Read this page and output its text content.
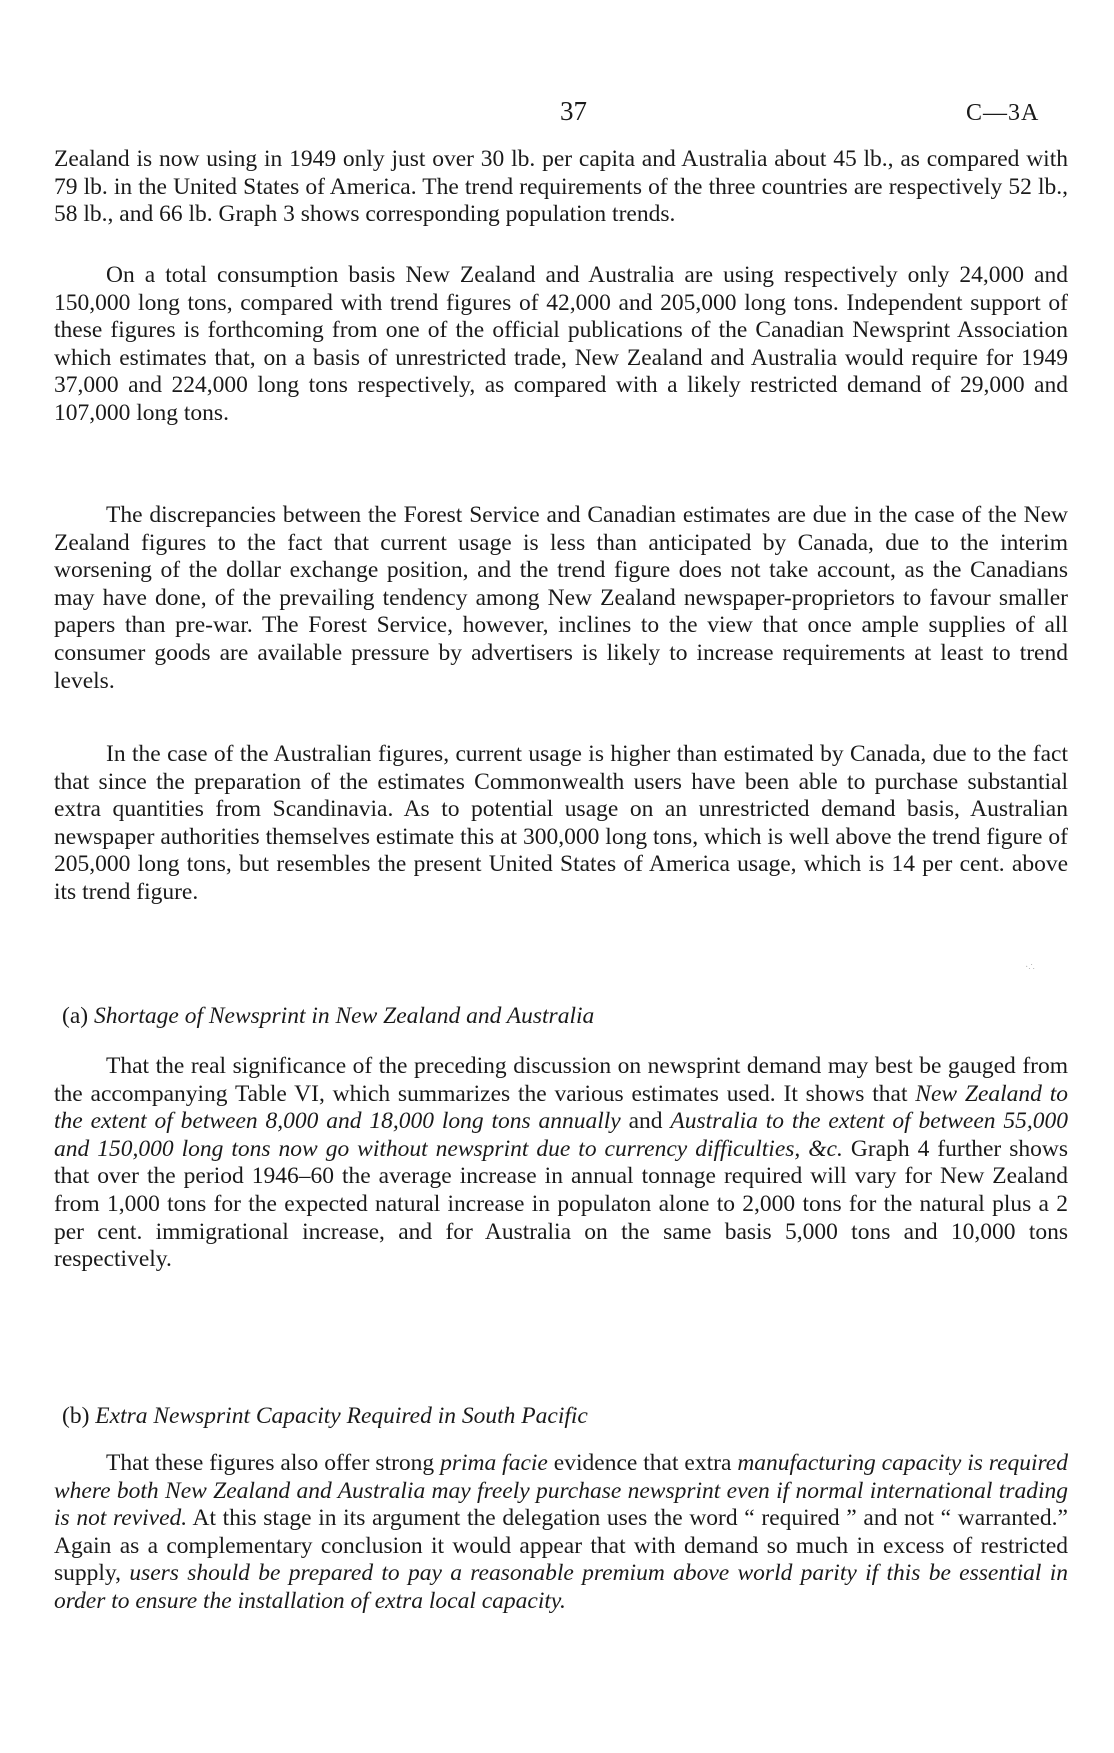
37	C—3A

Zealand is now using in 1949 only just over 30 lb. per capita and Australia about 45 lb., as compared with 79 lb. in the United States of America. The trend requirements of the three countries are respectively 52 lb., 58 lb., and 66 lb. Graph 3 shows corresponding population trends.

On a total consumption basis New Zealand and Australia are using respectively only 24,000 and 150,000 long tons, compared with trend figures of 42,000 and 205,000 long tons. Independent support of these figures is forthcoming from one of the official publications of the Canadian Newsprint Association which estimates that, on a basis of unrestricted trade, New Zealand and Australia would require for 1949 37,000 and 224,000 long tons respectively, as compared with a likely restricted demand of 29,000 and 107,000 long tons.

The discrepancies between the Forest Service and Canadian estimates are due in the case of the New Zealand figures to the fact that current usage is less than anticipated by Canada, due to the interim worsening of the dollar exchange position, and the trend figure does not take account, as the Canadians may have done, of the prevailing tendency among New Zealand newspaper-proprietors to favour smaller papers than pre-war. The Forest Service, however, inclines to the view that once ample supplies of all consumer goods are available pressure by advertisers is likely to increase requirements at least to trend levels.

In the case of the Australian figures, current usage is higher than estimated by Canada, due to the fact that since the preparation of the estimates Commonwealth users have been able to purchase substantial extra quantities from Scandinavia. As to potential usage on an unrestricted demand basis, Australian newspaper authorities themselves estimate this at 300,000 long tons, which is well above the trend figure of 205,000 long tons, but resembles the present United States of America usage, which is 14 per cent. above its trend figure.

·∴
(a) Shortage of Newsprint in New Zealand and Australia

That the real significance of the preceding discussion on newsprint demand may best be gauged from the accompanying Table VI, which summarizes the various estimates used. It shows that New Zealand to the extent of between 8,000 and 18,000 long tons annually and Australia to the extent of between 55,000 and 150,000 long tons now go without newsprint due to currency difficulties, &c. Graph 4 further shows that over the period 1946–60 the average increase in annual tonnage required will vary for New Zealand from 1,000 tons for the expected natural increase in populaton alone to 2,000 tons for the natural plus a 2 per cent. immigrational increase, and for Australia on the same basis 5,000 tons and 10,000 tons respectively.

(b) Extra Newsprint Capacity Required in South Pacific

That these figures also offer strong prima facie evidence that extra manufacturing capacity is required where both New Zealand and Australia may freely purchase newsprint even if normal international trading is not revived. At this stage in its argument the delegation uses the word “ required ” and not “ warranted.” Again as a complementary conclusion it would appear that with demand so much in excess of restricted supply, users should be prepared to pay a reasonable premium above world parity if this be essential in order to ensure the installation of extra local capacity.
